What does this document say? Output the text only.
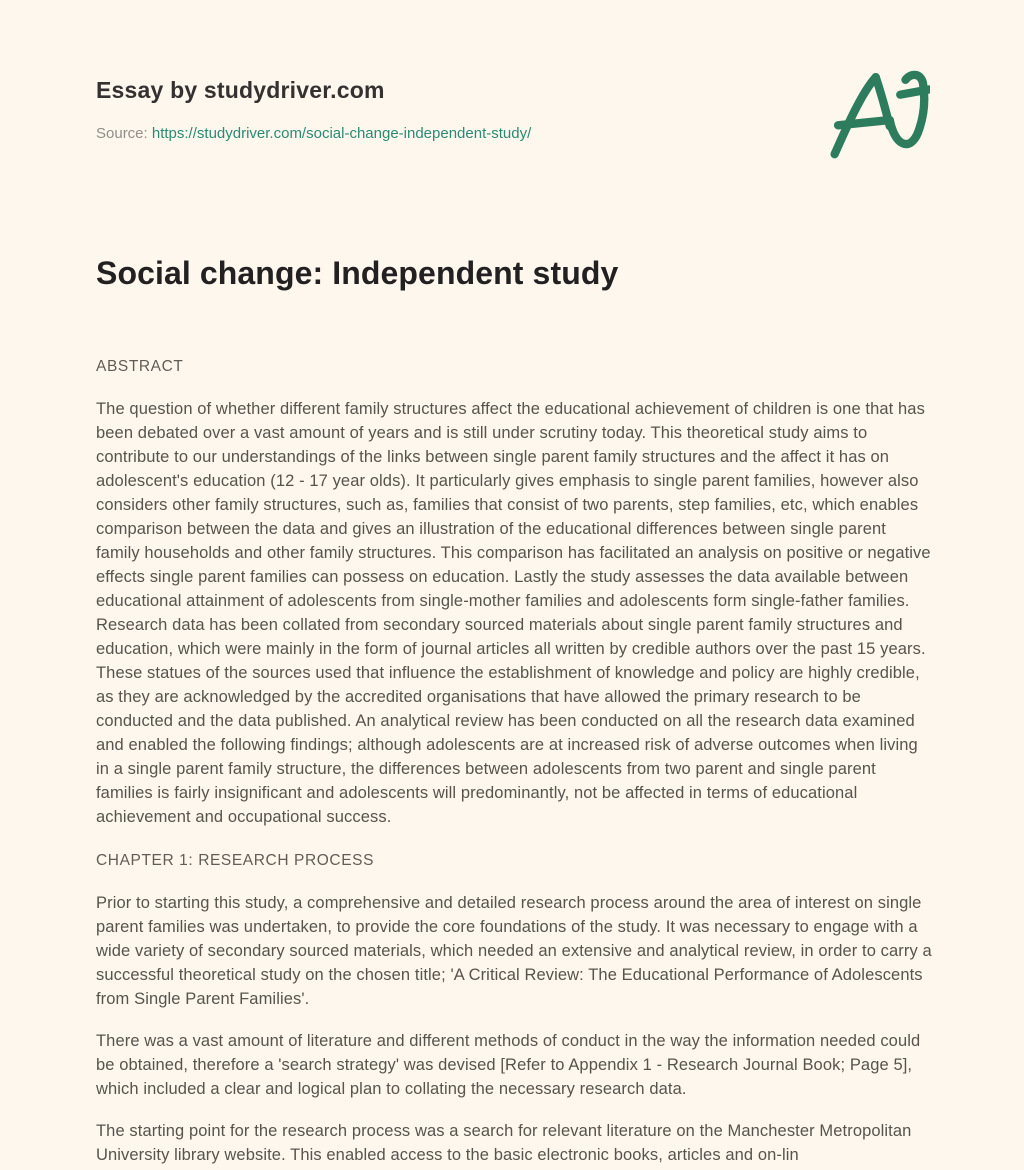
Essay by studydriver.com
Source: https://studydriver.com/social-change-independent-study/
Social change: Independent study
ABSTRACT

The question of whether different family structures affect the educational achievement of children is one that has been debated over a vast amount of years and is still under scrutiny today. This theoretical study aims to contribute to our understandings of the links between single parent family structures and the affect it has on adolescent's education (12 - 17 year olds). It particularly gives emphasis to single parent families, however also considers other family structures, such as, families that consist of two parents, step families, etc, which enables comparison between the data and gives an illustration of the educational differences between single parent family households and other family structures. This comparison has facilitated an analysis on positive or negative effects single parent families can possess on education. Lastly the study assesses the data available between educational attainment of adolescents from single-mother families and adolescents form single-father families. Research data has been collated from secondary sourced materials about single parent family structures and education, which were mainly in the form of journal articles all written by credible authors over the past 15 years. These statues of the sources used that influence the establishment of knowledge and policy are highly credible, as they are acknowledged by the accredited organisations that have allowed the primary research to be conducted and the data published. An analytical review has been conducted on all the research data examined and enabled the following findings; although adolescents are at increased risk of adverse outcomes when living in a single parent family structure, the differences between adolescents from two parent and single parent families is fairly insignificant and adolescents will predominantly, not be affected in terms of educational achievement and occupational success.

CHAPTER 1: RESEARCH PROCESS

Prior to starting this study, a comprehensive and detailed research process around the area of interest on single parent families was undertaken, to provide the core foundations of the study. It was necessary to engage with a wide variety of secondary sourced materials, which needed an extensive and analytical review, in order to carry a successful theoretical study on the chosen title; 'A Critical Review: The Educational Performance of Adolescents from Single Parent Families'.

There was a vast amount of literature and different methods of conduct in the way the information needed could be obtained, therefore a 'search strategy' was devised [Refer to Appendix 1 - Research Journal Book; Page 5], which included a clear and logical plan to collating the necessary research data.

The starting point for the research process was a search for relevant literature on the Manchester Metropolitan University library website. This enabled access to the basic electronic books, articles and on-lin
